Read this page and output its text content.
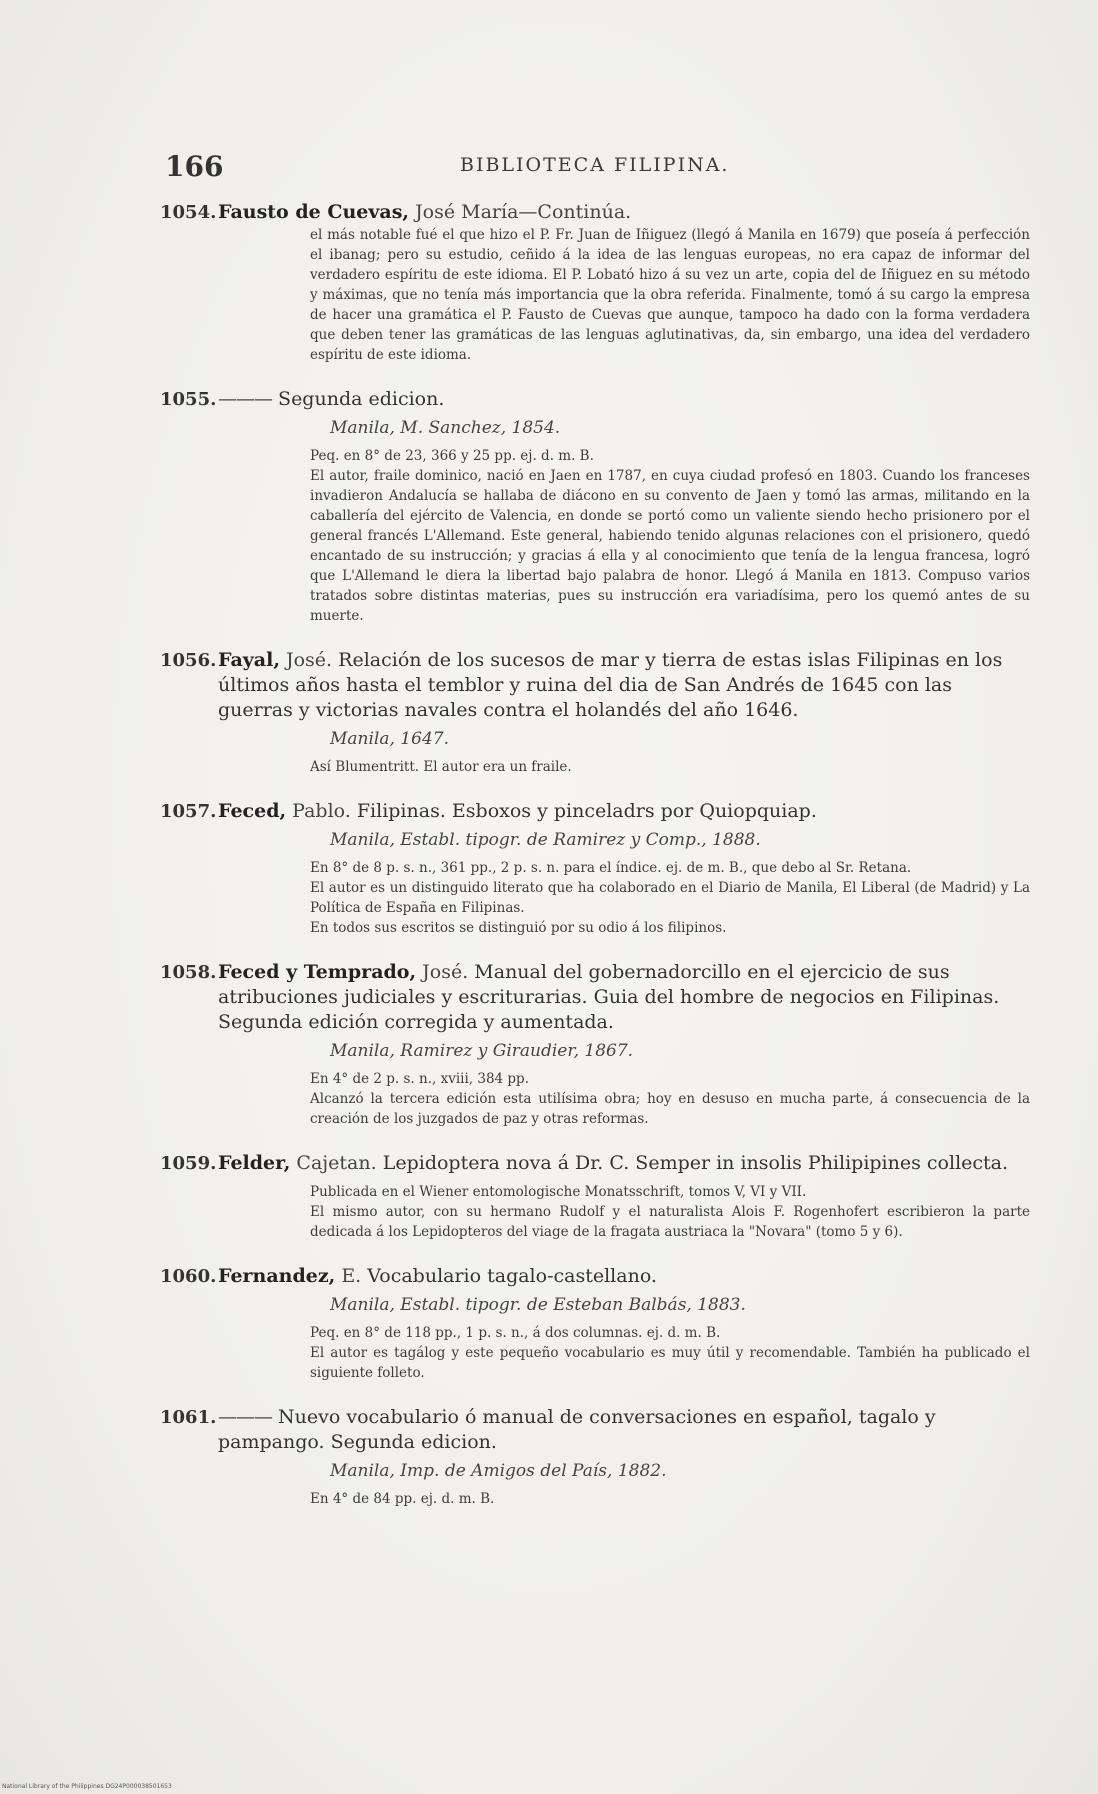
166	BIBLIOTECA FILIPINA.
1054. Fausto de Cuevas, José María—Continúa.

el más notable fué el que hizo el P. Fr. Juan de Iñiguez (llegó á Manila en 1679) que poseía á perfección el ibanag; pero su estudio, ceñido á la idea de las lenguas europeas, no era capaz de informar del verdadero espíritu de este idioma. El P. Lobató hizo á su vez un arte, copia del de Iñiguez en su método y máximas, que no tenía más importancia que la obra referida. Finalmente, tomó á su cargo la empresa de hacer una gramática el P. Fausto de Cuevas que aunque, tampoco ha dado con la forma verdadera que deben tener las gramáticas de las lenguas aglutinativas, da, sin embargo, una idea del verdadero espíritu de este idioma.

1055. ——— Segunda edicion.
Manila, M. Sanchez, 1854.

Peq. en 8° de 23, 366 y 25 pp. ej. d. m. B.

El autor, fraile dominico, nació en Jaen en 1787, en cuya ciudad profesó en 1803. Cuando los franceses invadieron Andalucía se hallaba de diácono en su convento de Jaen y tomó las armas, militando en la caballería del ejército de Valencia, en donde se portó como un valiente siendo hecho prisionero por el general francés L'Allemand. Este general, habiendo tenido algunas relaciones con el prisionero, quedó encantado de su instrucción; y gracias á ella y al conocimiento que tenía de la lengua francesa, logró que L'Allemand le diera la libertad bajo palabra de honor. Llegó á Manila en 1813. Compuso varios tratados sobre distintas materias, pues su instrucción era variadísima, pero los quemó antes de su muerte.

1056. Fayal, José. Relación de los sucesos de mar y tierra de estas islas Filipinas en los últimos años hasta el temblor y ruina del dia de San Andrés de 1645 con las guerras y victorias navales contra el holandés del año 1646.
Manila, 1647.

Así Blumentritt. El autor era un fraile.

1057. Feced, Pablo. Filipinas. Esboxos y pinceladrs por Quiopquiap.
Manila, Establ. tipogr. de Ramirez y Comp., 1888.

En 8° de 8 p. s. n., 361 pp., 2 p. s. n. para el índice. ej. de m. B., que debo al Sr. Retana.

El autor es un distinguido literato que ha colaborado en el Diario de Manila, El Liberal (de Madrid) y La Política de España en Filipinas.

En todos sus escritos se distinguió por su odio á los filipinos.

1058. Feced y Temprado, José. Manual del gobernadorcillo en el ejercicio de sus atribuciones judiciales y escriturarias. Guia del hombre de negocios en Filipinas. Segunda edición corregida y aumentada.
Manila, Ramirez y Giraudier, 1867.

En 4° de 2 p. s. n., xviii, 384 pp.

Alcanzó la tercera edición esta utilísima obra; hoy en desuso en mucha parte, á consecuencia de la creación de los juzgados de paz y otras reformas.

1059. Felder, Cajetan. Lepidoptera nova á Dr. C. Semper in insolis Philipipines collecta.

Publicada en el Wiener entomologische Monatsschrift, tomos V, VI y VII.

El mismo autor, con su hermano Rudolf y el naturalista Alois F. Rogenhofert escribieron la parte dedicada á los Lepidopteros del viage de la fragata austriaca la "Novara" (tomo 5 y 6).

1060. Fernandez, E. Vocabulario tagalo-castellano.
Manila, Establ. tipogr. de Esteban Balbás, 1883.

Peq. en 8° de 118 pp., 1 p. s. n., á dos columnas. ej. d. m. B.

El autor es tagálog y este pequeño vocabulario es muy útil y recomendable. También ha publicado el siguiente folleto.

1061. ——— Nuevo vocabulario ó manual de conversaciones en español, tagalo y pampango. Segunda edicion.
Manila, Imp. de Amigos del País, 1882.

En 4° de 84 pp. ej. d. m. B.

National Library of the Philippines DG24P000038501653
